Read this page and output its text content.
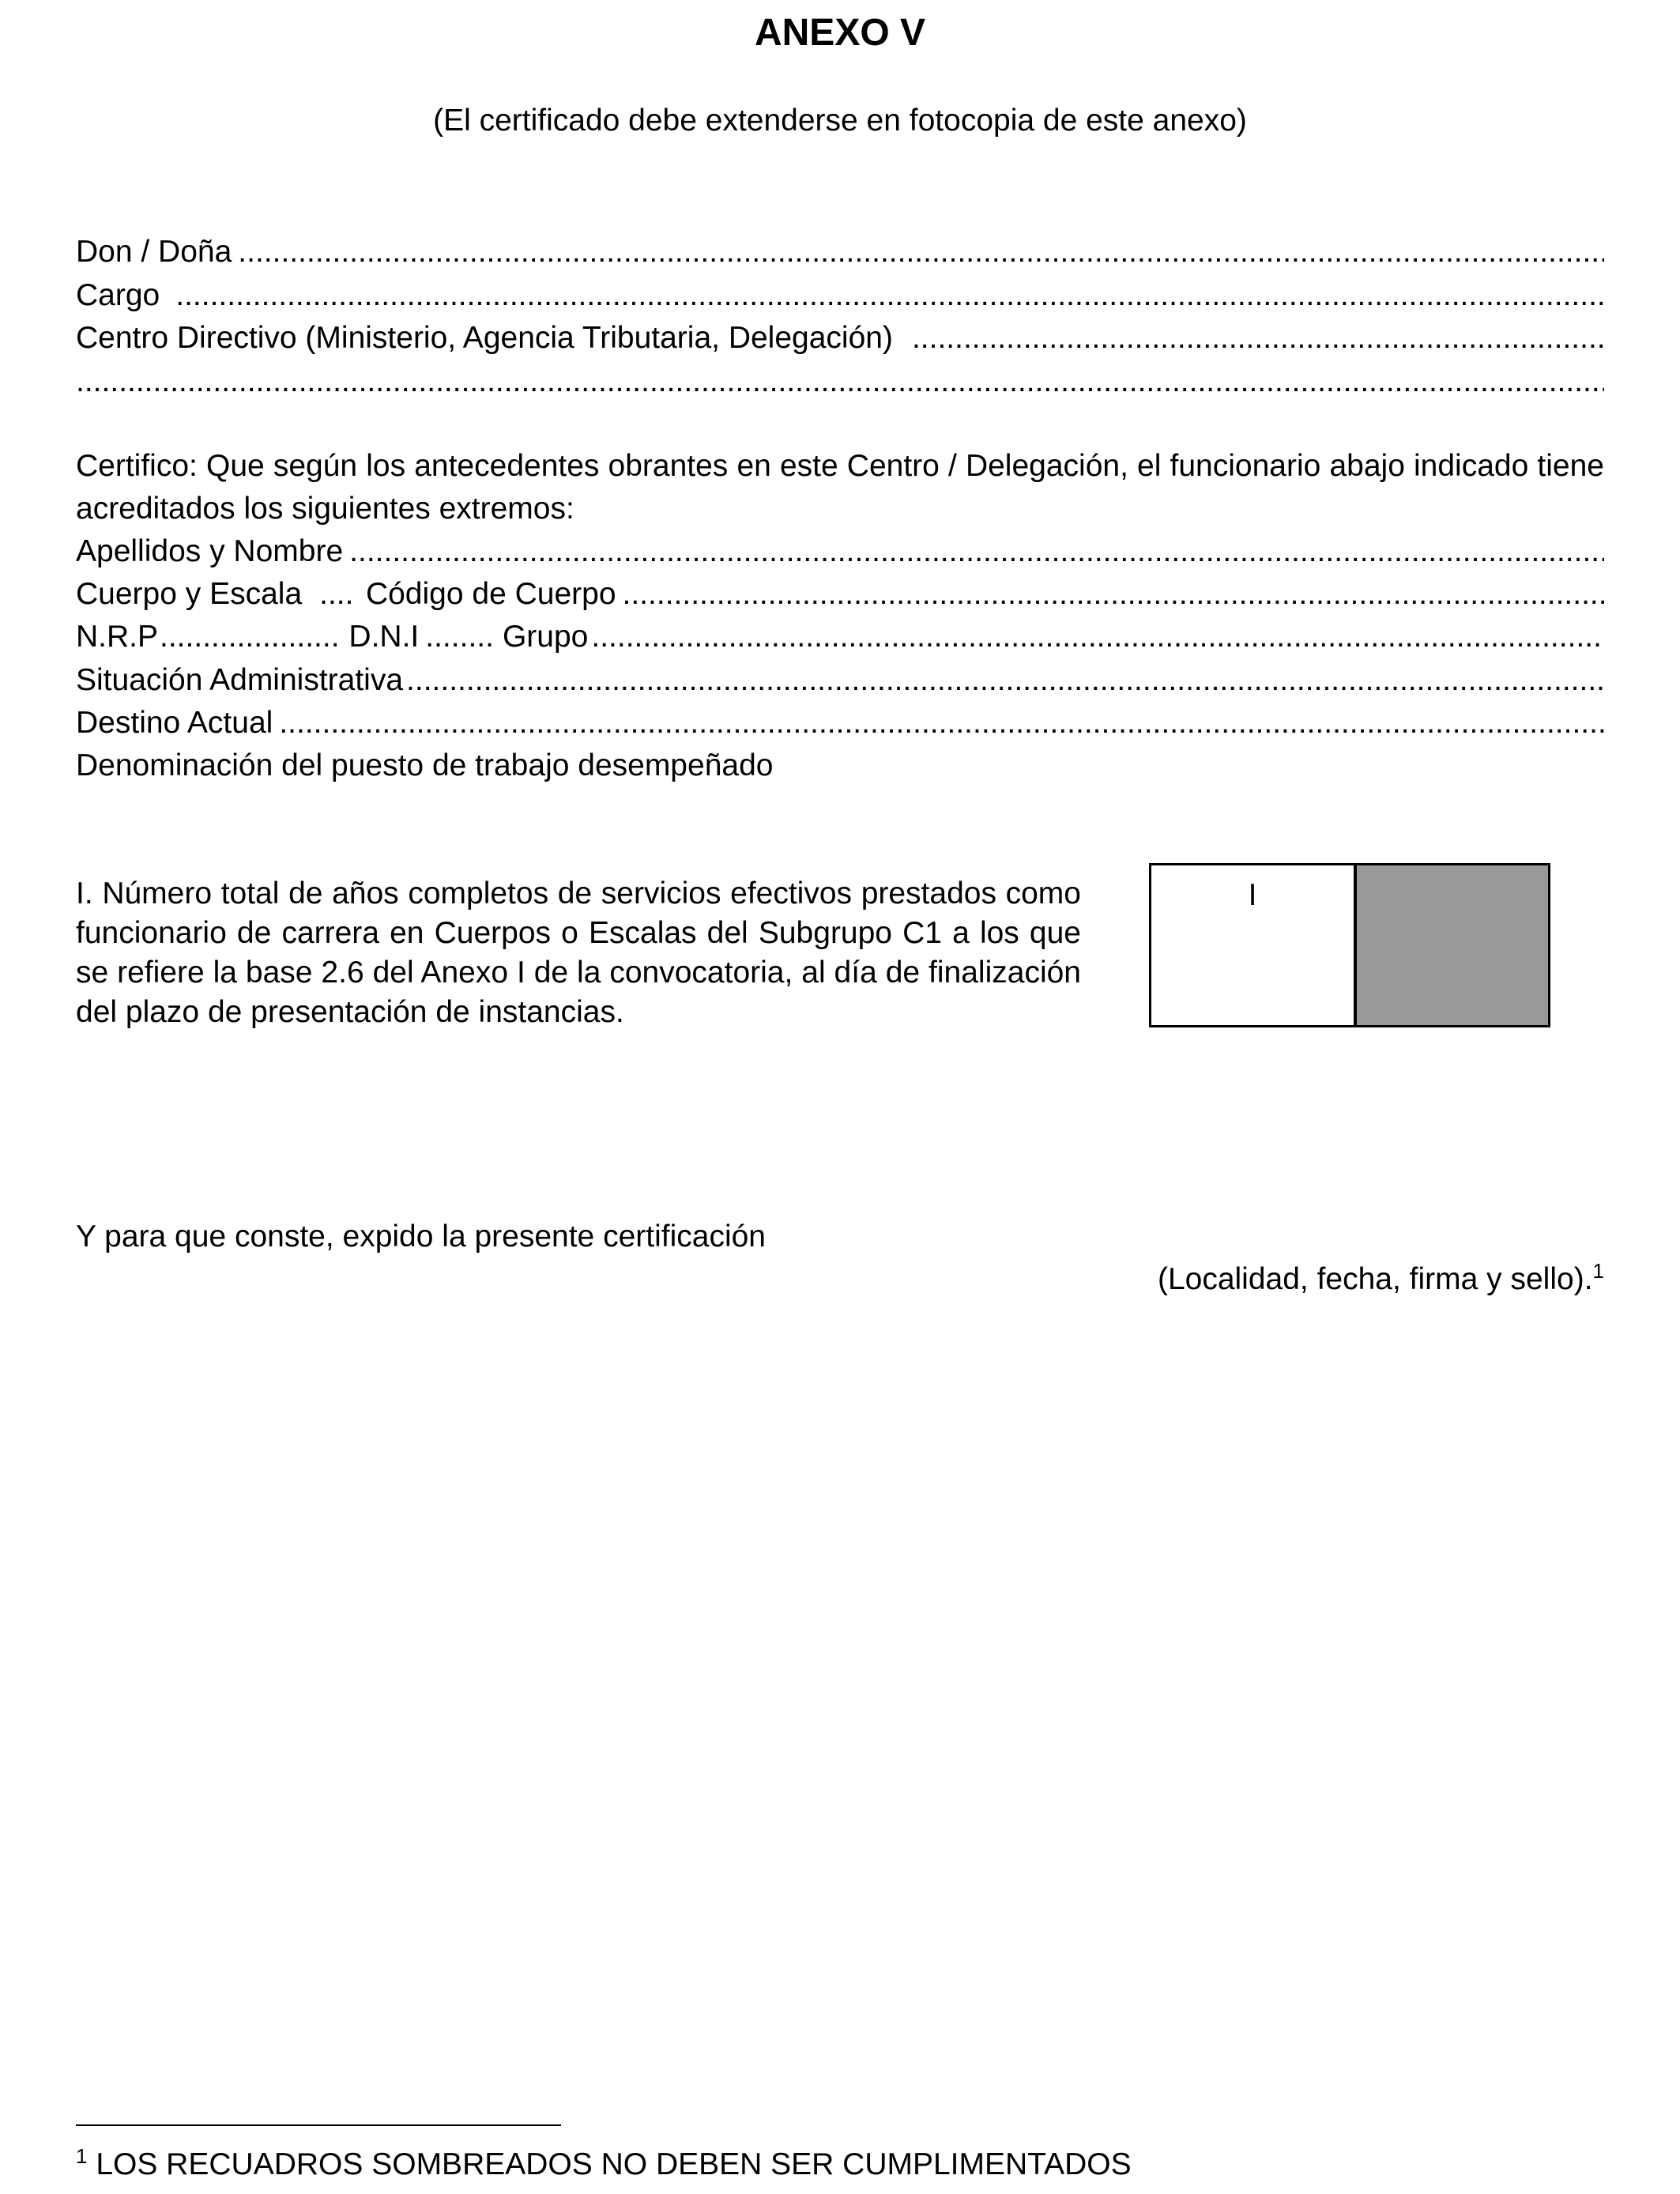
ANEXO V
(El certificado debe extenderse en fotocopia de este anexo)
Don / Doña
.....
Cargo
.....
Centro Directivo (Ministerio, Agencia Tributaria, Delegación)
.....
.....
Certifico: Que según los antecedentes obrantes en este Centro / Delegación, el funcionario abajo indicado tiene acreditados los siguientes extremos:
Apellidos y Nombre
.....
Cuerpo y Escala ..... Código de Cuerpo
.....
N.R.P .....	D.N.I .....	Grupo
.....
Situación Administrativa
.....
Destino Actual
.....
Denominación del puesto de trabajo desempeñado
I. Número total de años completos de servicios efectivos prestados como funcionario de carrera en Cuerpos o Escalas del Subgrupo C1 a los que se refiere la base 2.6 del Anexo I de la convocatoria, al día de finalización del plazo de presentación de instancias.
I
Y para que conste, expido la presente certificación
(Localidad, fecha, firma y sello).$^1$
$^1$ LOS RECUADROS SOMBREADOS NO DEBEN SER CUMPLIMENTADOS
